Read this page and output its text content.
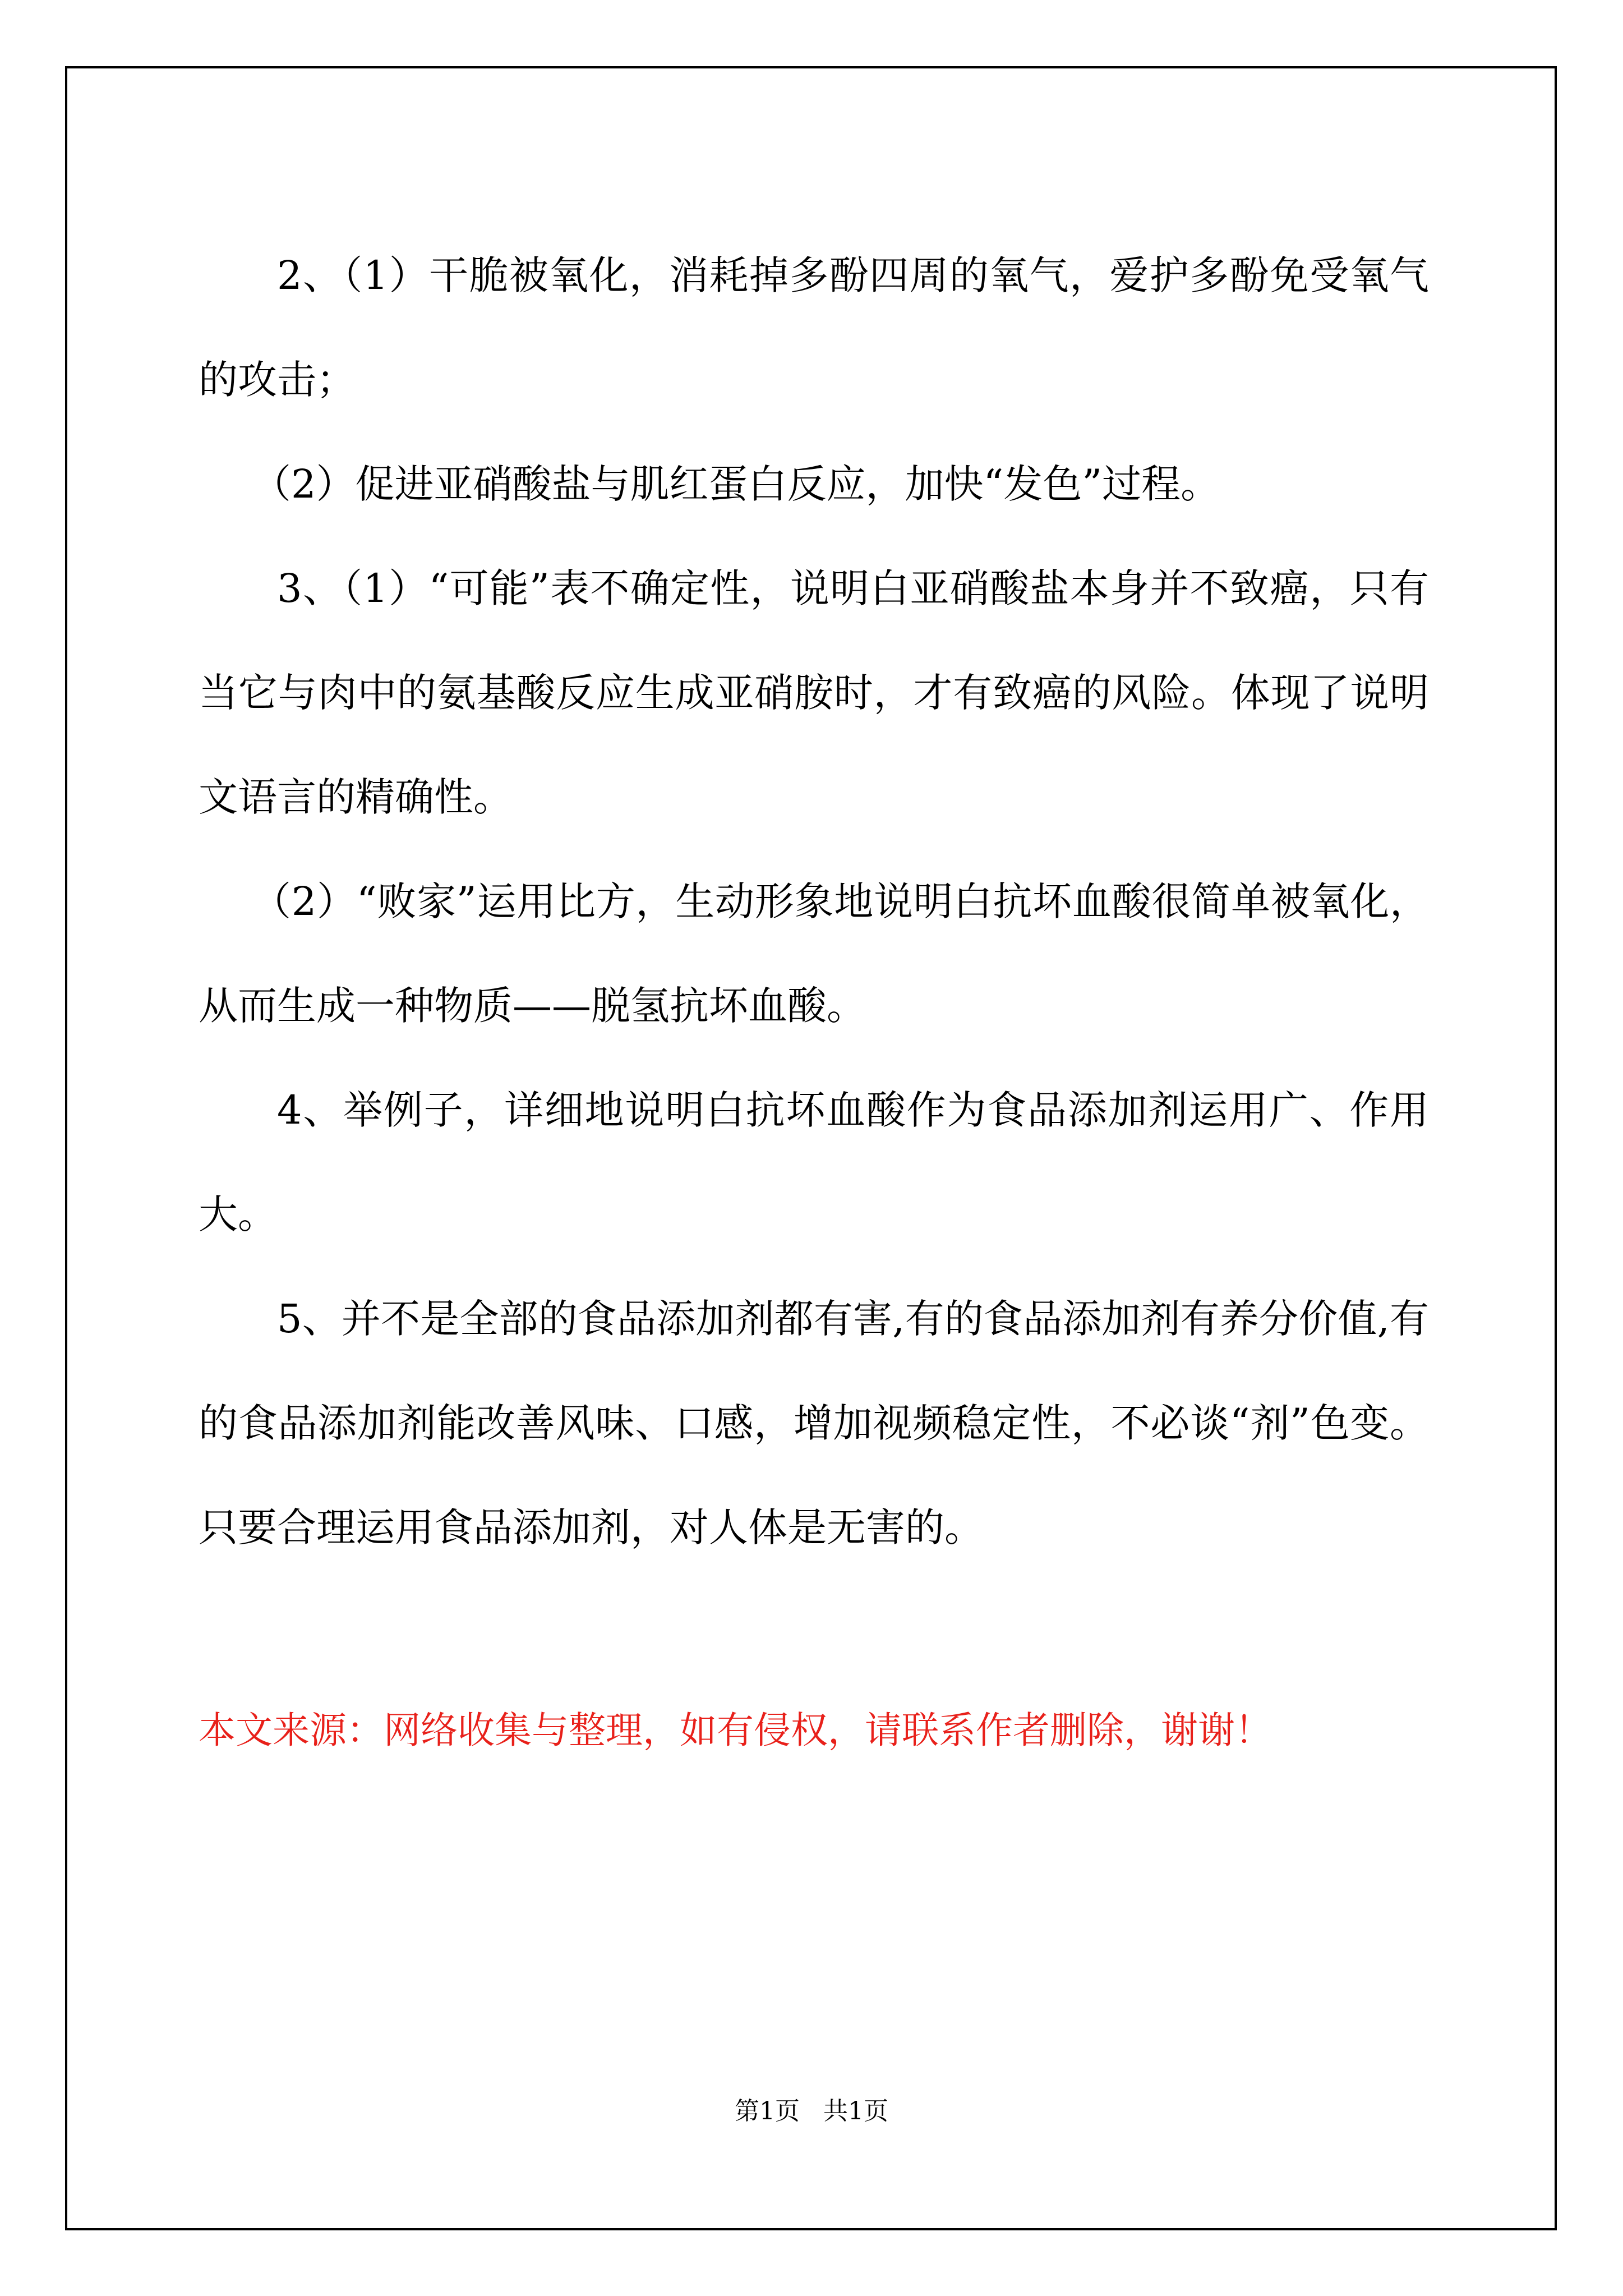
2、（1）干脆被氧化，消耗掉多酚四周的氧气，爱护多酚免受氧气的攻击；

（2）促进亚硝酸盐与肌红蛋白反应，加快“发色”过程。

3、（1）“可能”表不确定性，说明白亚硝酸盐本身并不致癌，只有当它与肉中的氨基酸反应生成亚硝胺时，才有致癌的风险。体现了说明文语言的精确性。

（2）“败家”运用比方，生动形象地说明白抗坏血酸很简单被氧化，从而生成一种物质——脱氢抗坏血酸。

4、举例子，详细地说明白抗坏血酸作为食品添加剂运用广、作用大。

5、并不是全部的食品添加剂都有害,有的食品添加剂有养分价值,有的食品添加剂能改善风味、口感，增加视频稳定性，不必谈“剂”色变。只要合理运用食品添加剂，对人体是无害的。

本文来源：网络收集与整理，如有侵权，请联系作者删除，谢谢！

第1页 共1页
